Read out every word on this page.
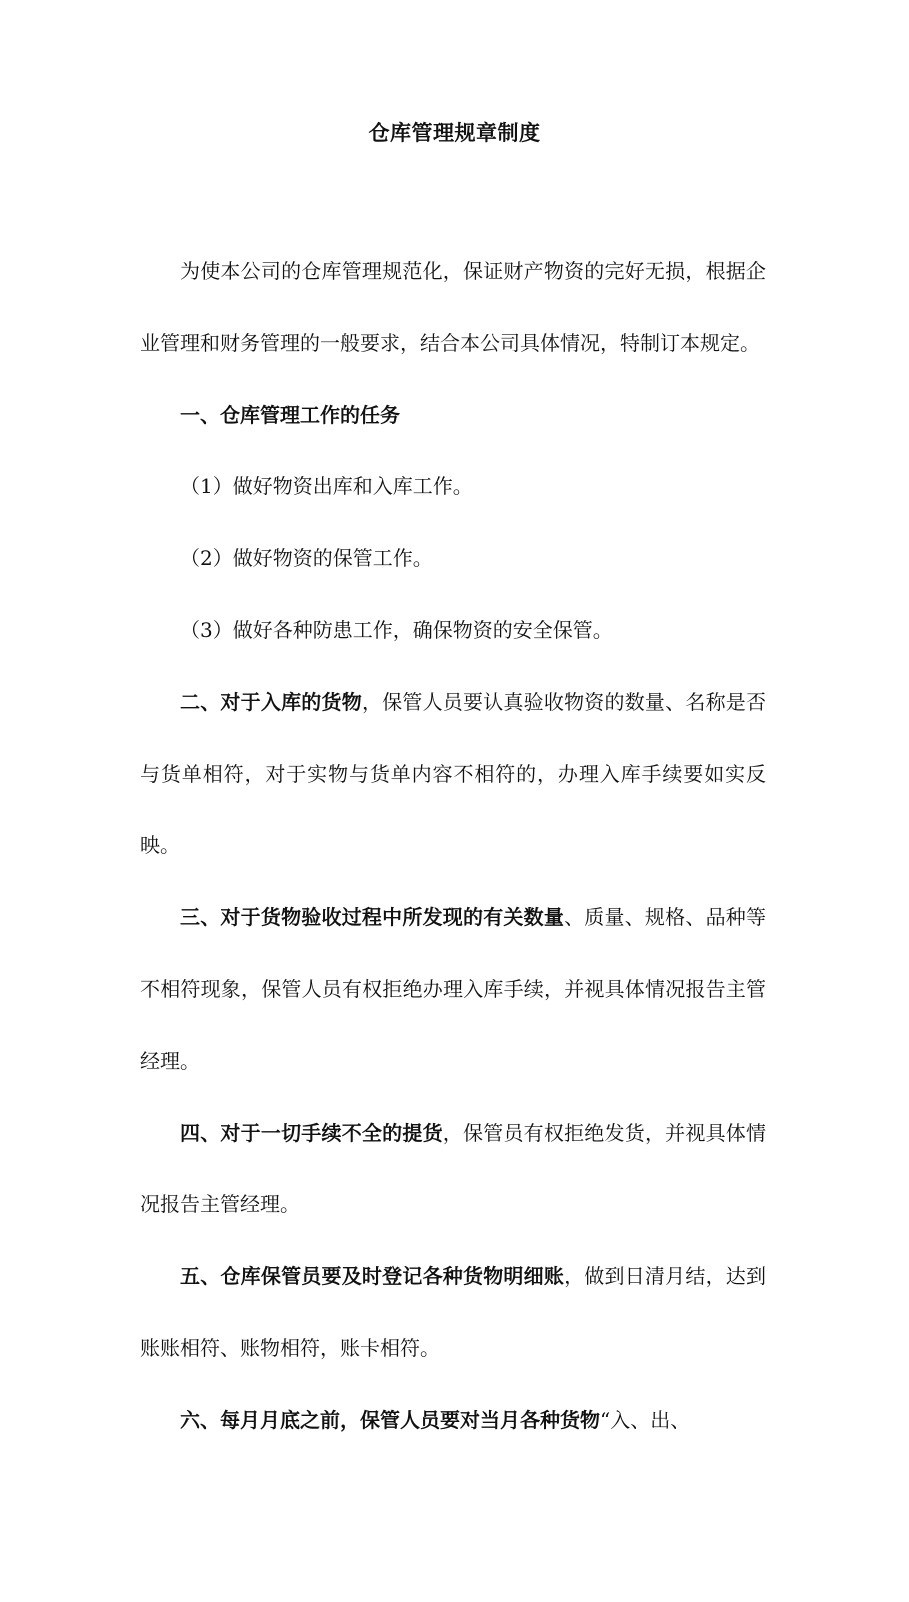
仓库管理规章制度

为使本公司的仓库管理规范化，保证财产物资的完好无损，根据企业管理和财务管理的一般要求，结合本公司具体情况，特制订本规定。

一、仓库管理工作的任务

（1）做好物资出库和入库工作。

（2）做好物资的保管工作。

（3）做好各种防患工作，确保物资的安全保管。

二、对于入库的货物，保管人员要认真验收物资的数量、名称是否与货单相符，对于实物与货单内容不相符的，办理入库手续要如实反映。

三、对于货物验收过程中所发现的有关数量、质量、规格、品种等不相符现象，保管人员有权拒绝办理入库手续，并视具体情况报告主管经理。

四、对于一切手续不全的提货，保管员有权拒绝发货，并视具体情况报告主管经理。

五、仓库保管员要及时登记各种货物明细账，做到日清月结，达到账账相符、账物相符，账卡相符。

六、每月月底之前，保管人员要对当月各种货物“入、出、
